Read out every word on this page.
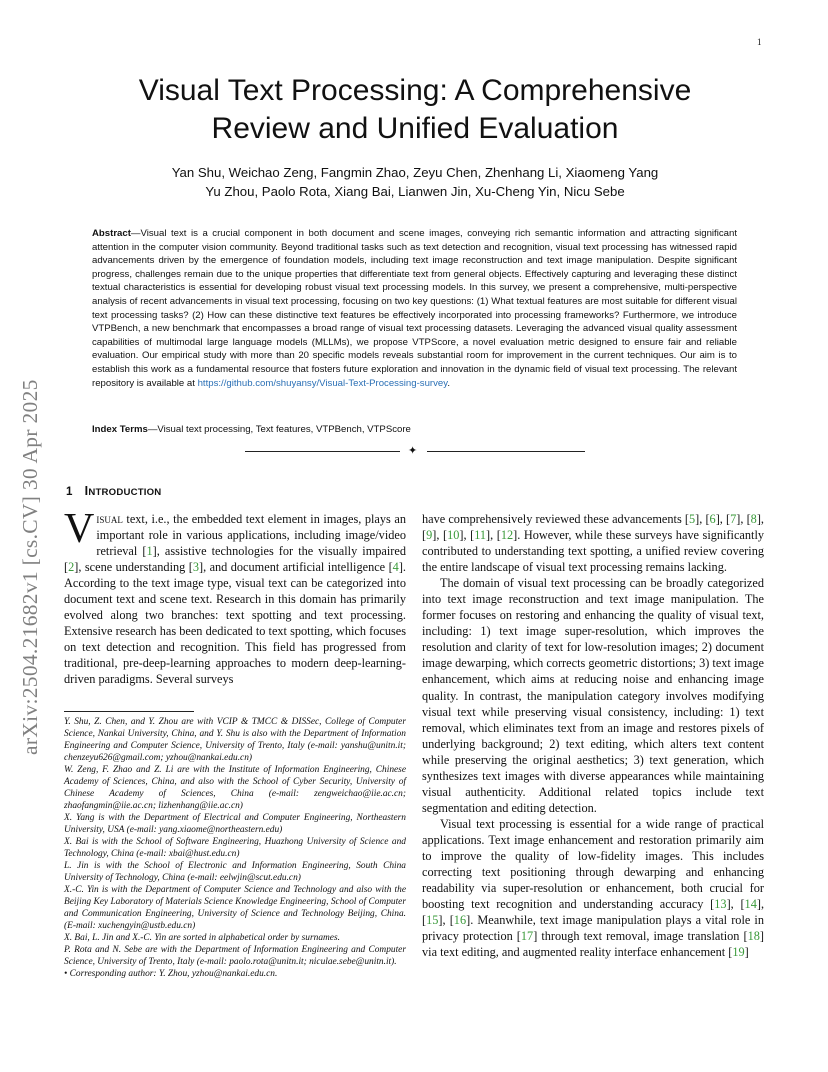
1
arXiv:2504.21682v1 [cs.CV] 30 Apr 2025
Visual Text Processing: A Comprehensive
Review and Unified Evaluation
Yan Shu, Weichao Zeng, Fangmin Zhao, Zeyu Chen, Zhenhang Li, Xiaomeng Yang
Yu Zhou, Paolo Rota, Xiang Bai, Lianwen Jin, Xu-Cheng Yin, Nicu Sebe
Abstract—Visual text is a crucial component in both document and scene images, conveying rich semantic information and attracting significant attention in the computer vision community. Beyond traditional tasks such as text detection and recognition, visual text processing has witnessed rapid advancements driven by the emergence of foundation models, including text image reconstruction and text image manipulation. Despite significant progress, challenges remain due to the unique properties that differentiate text from general objects. Effectively capturing and leveraging these distinct textual characteristics is essential for developing robust visual text processing models. In this survey, we present a comprehensive, multi-perspective analysis of recent advancements in visual text processing, focusing on two key questions: (1) What textual features are most suitable for different visual text processing tasks? (2) How can these distinctive text features be effectively incorporated into processing frameworks? Furthermore, we introduce VTPBench, a new benchmark that encompasses a broad range of visual text processing datasets. Leveraging the advanced visual quality assessment capabilities of multimodal large language models (MLLMs), we propose VTPScore, a novel evaluation metric designed to ensure fair and reliable evaluation. Our empirical study with more than 20 specific models reveals substantial room for improvement in the current techniques. Our aim is to establish this work as a fundamental resource that fosters future exploration and innovation in the dynamic field of visual text processing. The relevant repository is available at https://github.com/shuyansy/Visual-Text-Processing-survey.
Index Terms—Visual text processing, Text features, VTPBench, VTPScore
✦
1 INTRODUCTION

Visual text, i.e., the embedded text element in images, plays an important role in various applications, including image/video retrieval [1], assistive technologies for the visually impaired [2], scene understanding [3], and document artificial intelligence [4]. According to the text image type, visual text can be categorized into document text and scene text. Research in this domain has primarily evolved along two branches: text spotting and text processing. Extensive research has been dedicated to text spotting, which focuses on text detection and recognition. This field has progressed from traditional, pre-deep-learning approaches to modern deep-learning-driven paradigms. Several surveys

Y. Shu, Z. Chen, and Y. Zhou are with VCIP & TMCC & DISSec, College of Computer Science, Nankai University, China, and Y. Shu is also with the Department of Information Engineering and Computer Science, University of Trento, Italy (e-mail: yanshu@unitn.it; chenzeyu626@gmail.com; yzhou@nankai.edu.cn)

W. Zeng, F. Zhao and Z. Li are with the Institute of Information Engineering, Chinese Academy of Sciences, China, and also with the School of Cyber Security, University of Chinese Academy of Sciences, China (e-mail: zengweichao@iie.ac.cn; zhaofangmin@iie.ac.cn; lizhenhang@iie.ac.cn)

X. Yang is with the Department of Electrical and Computer Engineering, Northeastern University, USA (e-mail: yang.xiaome@northeastern.edu)

X. Bai is with the School of Software Engineering, Huazhong University of Science and Technology, China (e-mail: xbai@hust.edu.cn)

L. Jin is with the School of Electronic and Information Engineering, South China University of Technology, China (e-mail: eelwjin@scut.edu.cn)

X.-C. Yin is with the Department of Computer Science and Technology and also with the Beijing Key Laboratory of Materials Science Knowledge Engineering, School of Computer and Communication Engineering, University of Science and Technology Beijing, China. (E-mail: xuchengyin@ustb.edu.cn)

X. Bai, L. Jin and X.-C. Yin are sorted in alphabetical order by surnames.

P. Rota and N. Sebe are with the Department of Information Engineering and Computer Science, University of Trento, Italy (e-mail: paolo.rota@unitn.it; niculae.sebe@unitn.it).

• Corresponding author: Y. Zhou, yzhou@nankai.edu.cn.

have comprehensively reviewed these advancements [5], [6], [7], [8], [9], [10], [11], [12]. However, while these surveys have significantly contributed to understanding text spotting, a unified review covering the entire landscape of visual text processing remains lacking.

The domain of visual text processing can be broadly categorized into text image reconstruction and text image manipulation. The former focuses on restoring and enhancing the quality of visual text, including: 1) text image super-resolution, which improves the resolution and clarity of text for low-resolution images; 2) document image dewarping, which corrects geometric distortions; 3) text image enhancement, which aims at reducing noise and enhancing image quality. In contrast, the manipulation category involves modifying visual text while preserving visual consistency, including: 1) text removal, which eliminates text from an image and restores pixels of underlying background; 2) text editing, which alters text content while preserving the original aesthetics; 3) text generation, which synthesizes text images with diverse appearances while maintaining visual authenticity. Additional related topics include text segmentation and editing detection.

Visual text processing is essential for a wide range of practical applications. Text image enhancement and restoration primarily aim to improve the quality of low-fidelity images. This includes correcting text positioning through dewarping and enhancing readability via super-resolution or enhancement, both crucial for boosting text recognition and understanding accuracy [13], [14], [15], [16]. Meanwhile, text image manipulation plays a vital role in privacy protection [17] through text removal, image translation [18] via text editing, and augmented reality interface enhancement [19]
